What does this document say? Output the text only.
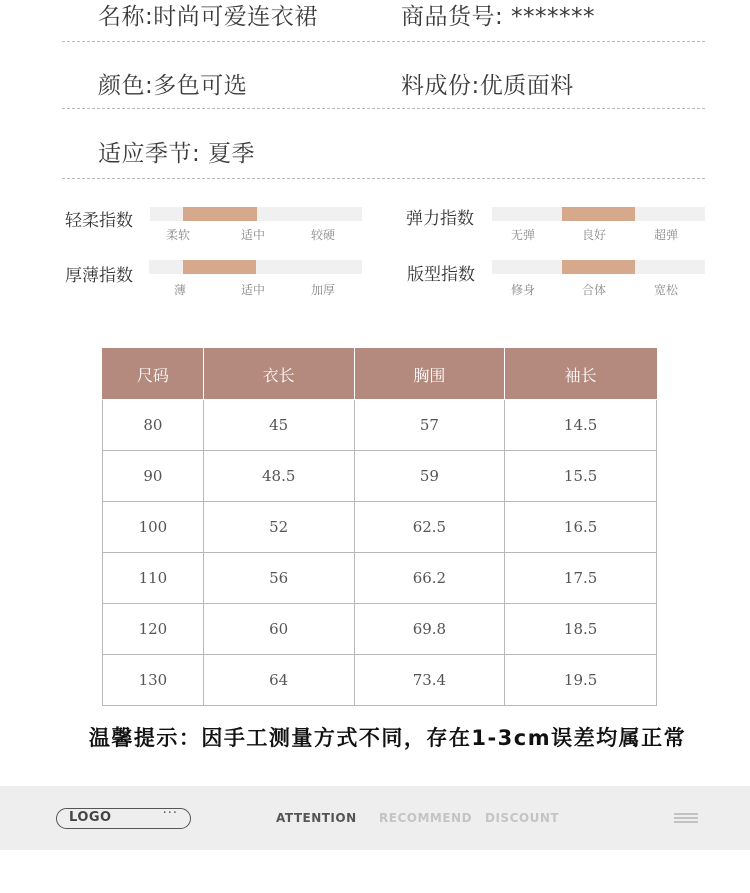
名称:时尚可爱连衣裙	商品货号: *******
颜色:多色可选	料成份:优质面料
适应季节: 夏季
轻柔指数
柔软	适中	较硬
弹力指数
无弹	良好	超弹
厚薄指数
薄	适中	加厚
版型指数
修身	合体	宽松
尺码	衣长	胸围	袖长
80	45	57	14.5
90	48.5	59	15.5
100	52	62.5	16.5
110	56	66.2	17.5
120	60	69.8	18.5
130	64	73.4	19.5
温馨提示：因手工测量方式不同，存在1-3cm误差均属正常
LOGO	···	ATTENTION RECOMMEND DISCOUNT
